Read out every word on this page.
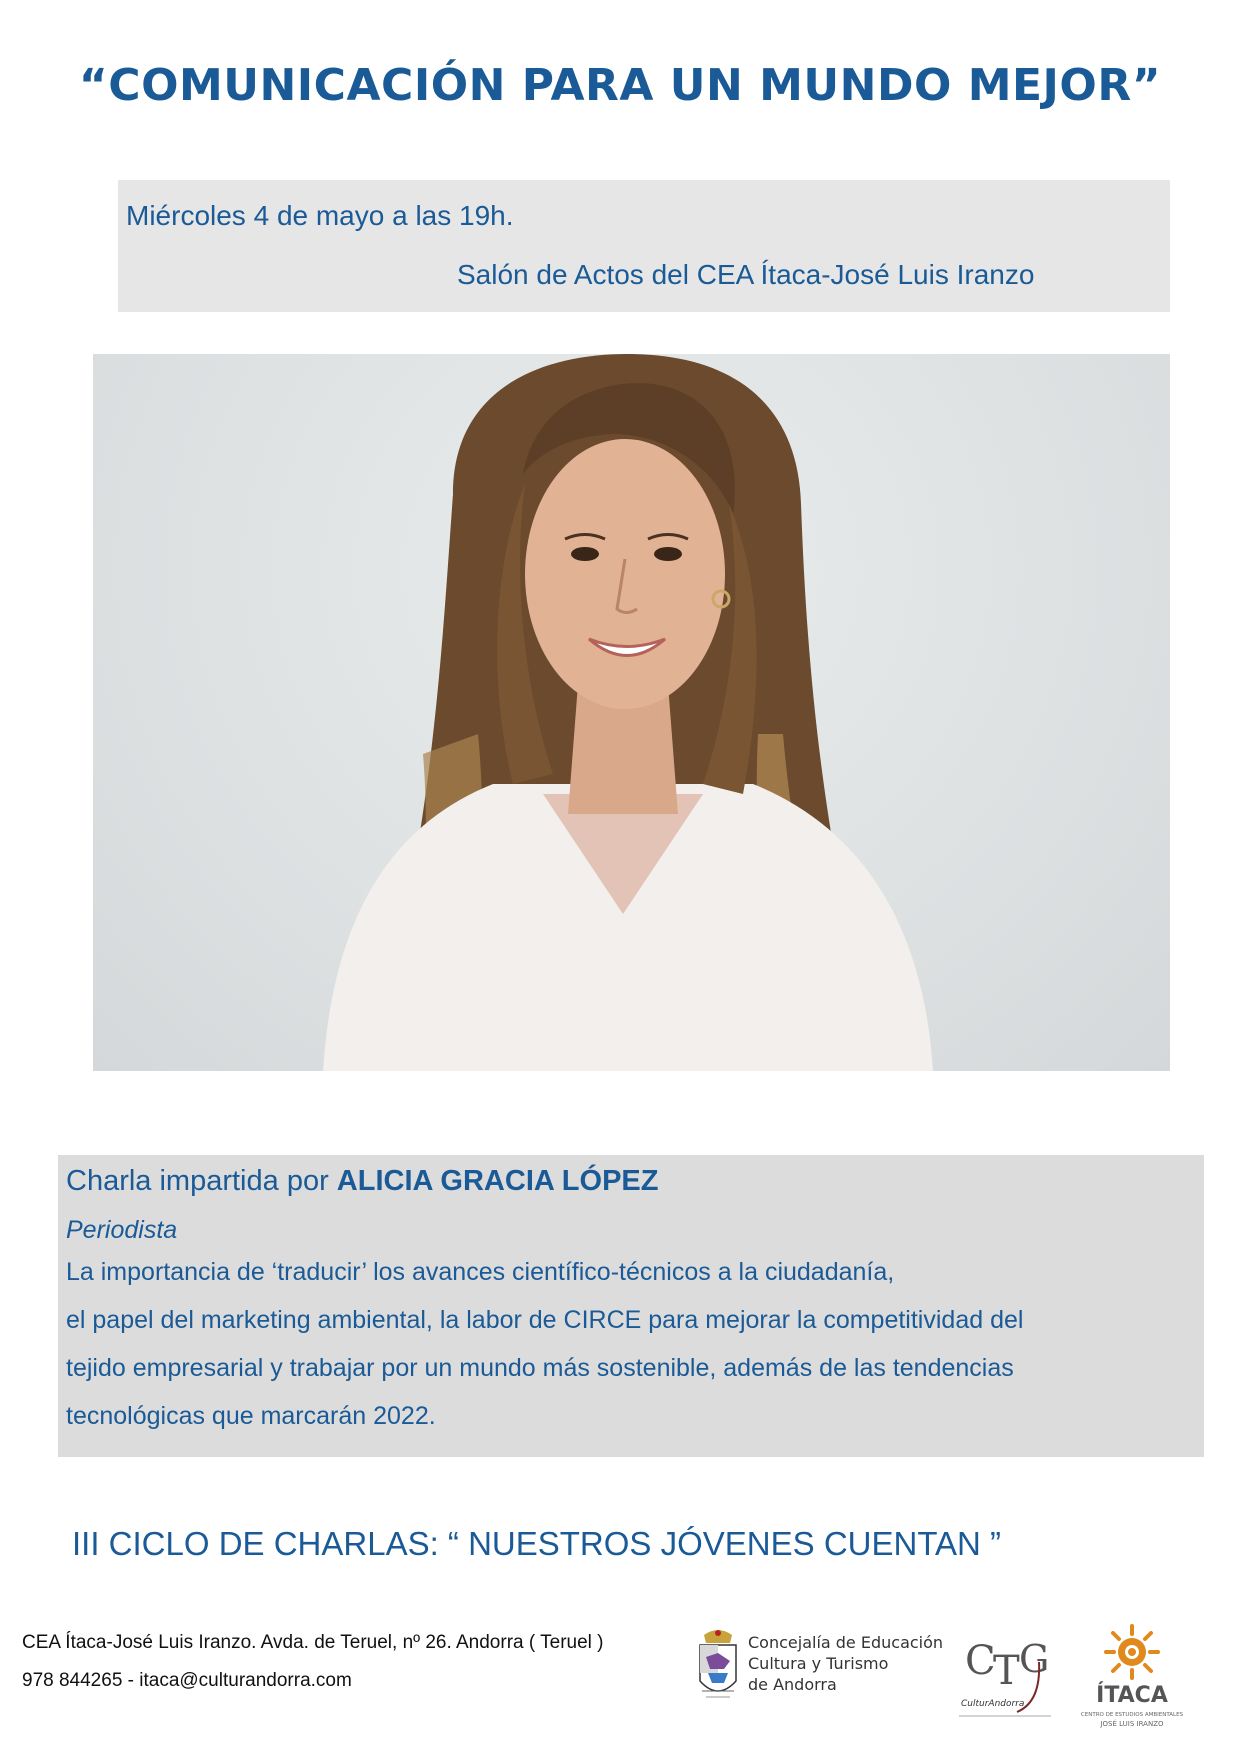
“COMUNICACIÓN PARA UN MUNDO MEJOR”
Miércoles 4 de mayo a las 19h.
Salón de Actos del CEA Ítaca-José Luis Iranzo
Charla impartida por ALICIA GRACIA LÓPEZ
Periodista
La importancia de ‘traducir’ los avances científico-técnicos a la ciudadanía,
el papel del marketing ambiental, la labor de CIRCE para mejorar la competitividad del
tejido empresarial y trabajar por un mundo más sostenible, además de las tendencias
tecnológicas que marcarán 2022.
III CICLO DE CHARLAS: “ NUESTROS JÓVENES CUENTAN ”
CEA Ítaca-José Luis Iranzo. Avda. de Teruel, nº 26. Andorra ( Teruel )
978 844265 - itaca@culturandorra.com
Concejalía de Educación
Cultura y Turismo
de Andorra
C
T G
CulturAndorra	ÍTACA
CENTRO DE ESTUDIOS AMBIENTALES
JOSÉ LUIS IRANZO
